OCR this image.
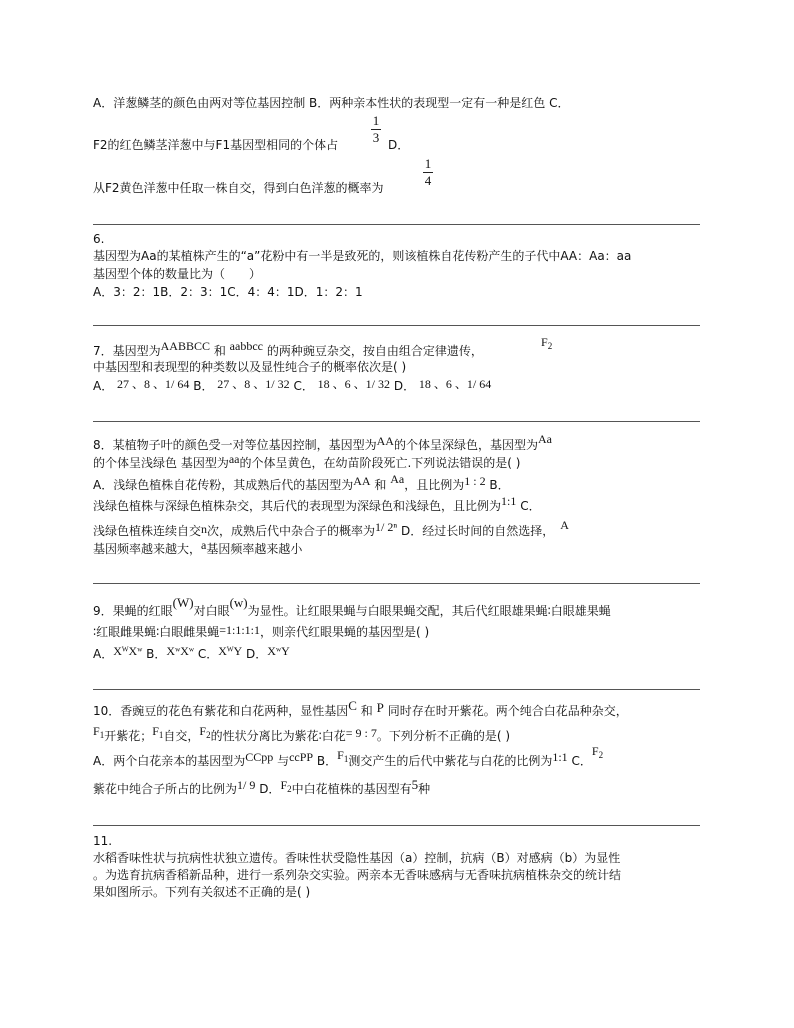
A．洋葱鳞茎的颜色由两对等位基因控制 B．两种亲本性状的表现型一定有一种是红色 C．
F2的红色鳞茎洋葱中与F1基因型相同的个体占
1
3 D．
从F2黄色洋葱中任取一株自交，得到白色洋葱的概率为
1
4
6.
基因型为Aa的某植株产生的“a”花粉中有一半是致死的，则该植株自花传粉产生的子代中AA：Aa：aa
基因型个体的数量比为（　　）
A．3：2：1B．2：3：1C．4：4：1D．1：2：1
7．基因型为AABBCC 和 aabbcc 的两种豌豆杂交，按自由组合定律遗传，
$F_2$
中基因型和表现型的种类数以及显性纯合子的概率依次是( )
A． 27 、8 、1/ 64 B． 27 、8 、1/ 32 C． 18 、6 、1/ 32 D． 18 、6 、1/ 64
8．某植物子叶的颜色受一对等位基因控制，基因型为AA的个体呈深绿色，基因型为Aa
的个体呈浅绿色 基因型为aa的个体呈黄色，在幼苗阶段死亡.下列说法错误的是( )
A．浅绿色植株自花传粉，其成熟后代的基因型为AA 和 Aa，且比例为1 : 2 B．
浅绿色植株与深绿色植株杂交，其后代的表现型为深绿色和浅绿色，且比例为1:1 C．
浅绿色植株连续自交n次，成熟后代中杂合子的概率为1/ 2ⁿ D．经过长时间的自然选择， A
基因频率越来越大，a基因频率越来越小
9．果蝇的红眼(W)对白眼(w)为显性。让红眼果蝇与白眼果蝇交配，其后代红眼雄果蝇∶白眼雄果蝇
∶红眼雌果蝇∶白眼雌果蝇=1:1:1:1，则亲代红眼果蝇的基因型是( )
A．XᵂXʷ B．XʷXʷ C．XᵂY D．XʷY
10．香豌豆的花色有紫花和白花两种，显性基因C 和 P 同时存在时开紫花。两个纯合白花品种杂交，
$F_1$开紫花；$F_1$自交，$F_2$的性状分离比为紫花∶白花= 9 : 7。下列分析不正确的是( )
A．两个白花亲本的基因型为CCpp 与ccPP B．$F_1$测交产生的后代中紫花与白花的比例为1:1 C．$F_2$
紫花中纯合子所占的比例为1/ 9 D．$F_2$中白花植株的基因型有5种
11.
水稻香味性状与抗病性状独立遗传。香味性状受隐性基因（a）控制，抗病（B）对感病（b）为显性
。为选育抗病香稻新品种，进行一系列杂交实验。两亲本无香味感病与无香味抗病植株杂交的统计结
果如图所示。下列有关叙述不正确的是( )
